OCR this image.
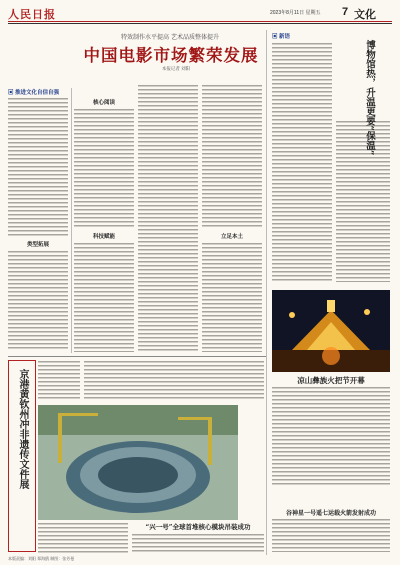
人民日报	2023年8月11日 星期五 7 文化
特效制作水平提高 艺术品质整体提升
中国电影市场繁荣发展
本报记者 刘阳
▣ 推进文化自信自强
类型拓展
核心阅读
科技赋能	立足本土
▣ 新语
博物馆热，升温更要“保温”
凉山彝族火把节开幕
谷神星一号遥七运载火箭发射成功
京港黄钦州冲非遗传文件展
“兴一号”全球首堆核心模块吊装成功
本版责编：刘阳 郑海鸥 制图：张芳曼
